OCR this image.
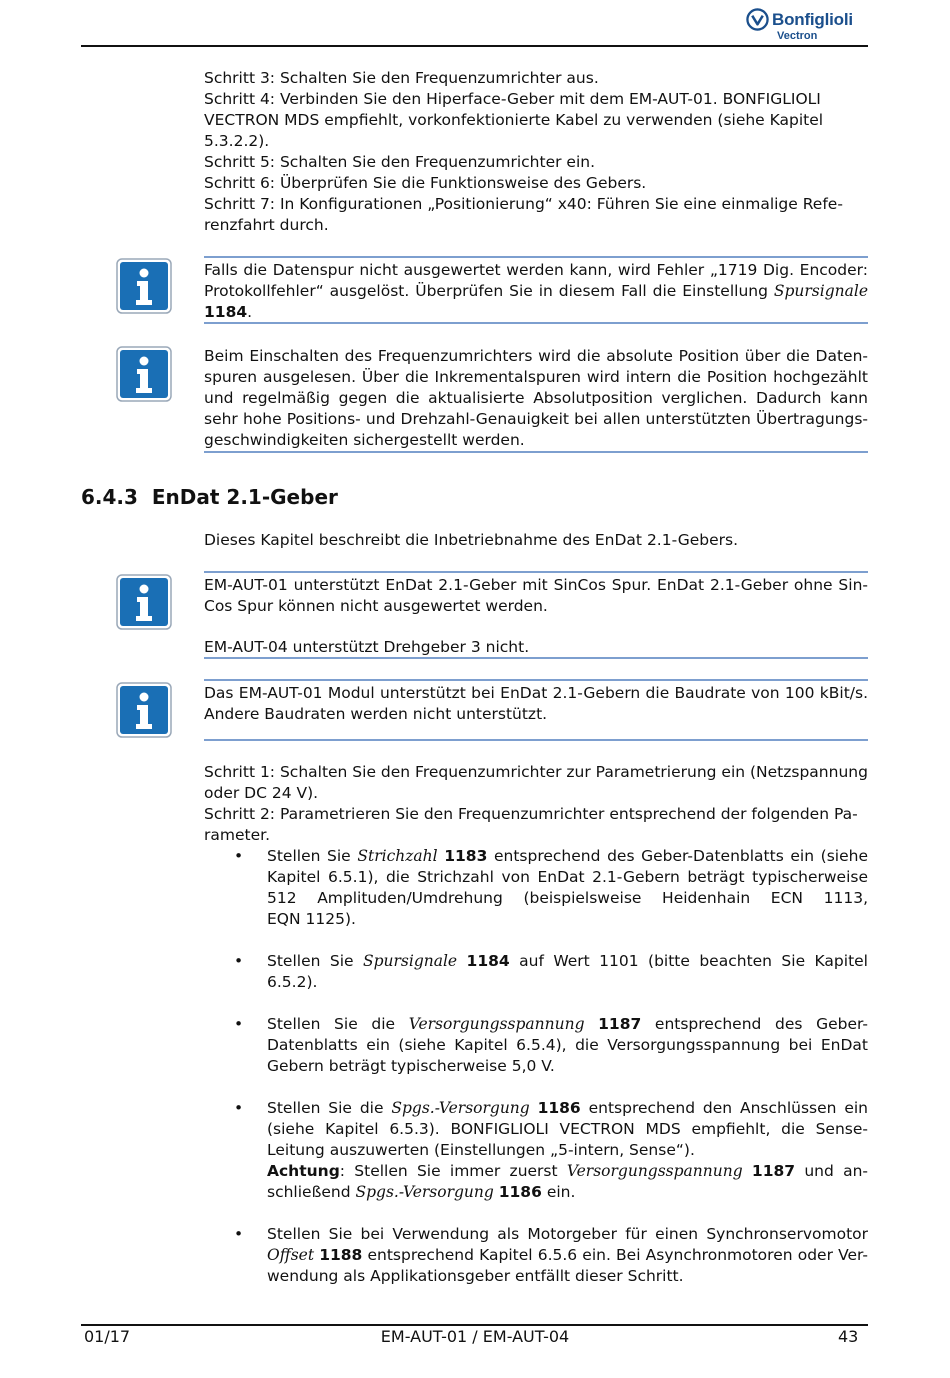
Bonfiglioli
Vectron
Schritt 3: Schalten Sie den Frequenzumrichter aus.
Schritt 4: Verbinden Sie den Hiperface-Geber mit dem EM-AUT-01. BONFIGLIOLI
VECTRON MDS empfiehlt, vorkonfektionierte Kabel zu verwenden (siehe Kapitel
5.3.2.2).
Schritt 5: Schalten Sie den Frequenzumrichter ein.
Schritt 6: Überprüfen Sie die Funktionsweise des Gebers.
Schritt 7: In Konfigurationen „Positionierung“ x40: Führen Sie eine einmalige Refe-
renzfahrt durch.
Falls die Datenspur nicht ausgewertet werden kann, wird Fehler „1719 Dig. Encoder:
Protokollfehler“ ausgelöst. Überprüfen Sie in diesem Fall die Einstellung Spursignale
1184.
Beim Einschalten des Frequenzumrichters wird die absolute Position über die Daten-
spuren ausgelesen. Über die Inkrementalspuren wird intern die Position hochgezählt
und regelmäßig gegen die aktualisierte Absolutposition verglichen. Dadurch kann
sehr hohe Positions- und Drehzahl-Genauigkeit bei allen unterstützten Übertragungs-
geschwindigkeiten sichergestellt werden.
6.4.3 EnDat 2.1-Geber
Dieses Kapitel beschreibt die Inbetriebnahme des EnDat 2.1-Gebers.
EM-AUT-01 unterstützt EnDat 2.1-Geber mit SinCos Spur. EnDat 2.1-Geber ohne Sin-
Cos Spur können nicht ausgewertet werden.
EM-AUT-04 unterstützt Drehgeber 3 nicht.
Das EM-AUT-01 Modul unterstützt bei EnDat 2.1-Gebern die Baudrate von 100 kBit/s.
Andere Baudraten werden nicht unterstützt.
Schritt 1: Schalten Sie den Frequenzumrichter zur Parametrierung ein (Netzspannung
oder DC 24 V).
Schritt 2: Parametrieren Sie den Frequenzumrichter entsprechend der folgenden Pa-
rameter.
• Stellen Sie Strichzahl 1183 entsprechend des Geber-Datenblatts ein (siehe
Kapitel 6.5.1), die Strichzahl von EnDat 2.1-Gebern beträgt typischerweise
512 Amplituden/Umdrehung (beispielsweise Heidenhain ECN 1113,
EQN 1125).
• Stellen Sie Spursignale 1184 auf Wert 1101 (bitte beachten Sie Kapitel
6.5.2).
• Stellen Sie die Versorgungsspannung 1187 entsprechend des Geber-
Datenblatts ein (siehe Kapitel 6.5.4), die Versorgungsspannung bei EnDat
Gebern beträgt typischerweise 5,0 V.
• Stellen Sie die Spgs.-Versorgung 1186 entsprechend den Anschlüssen ein
(siehe Kapitel 6.5.3). BONFIGLIOLI VECTRON MDS empfiehlt, die Sense-
Leitung auszuwerten (Einstellungen „5-intern, Sense“).
Achtung: Stellen Sie immer zuerst Versorgungsspannung 1187 und an-
schließend Spgs.-Versorgung 1186 ein.
• Stellen Sie bei Verwendung als Motorgeber für einen Synchronservomotor
Offset 1188 entsprechend Kapitel 6.5.6 ein. Bei Asynchronmotoren oder Ver-
wendung als Applikationsgeber entfällt dieser Schritt.
01/17	EM-AUT-01 / EM-AUT-04	43
